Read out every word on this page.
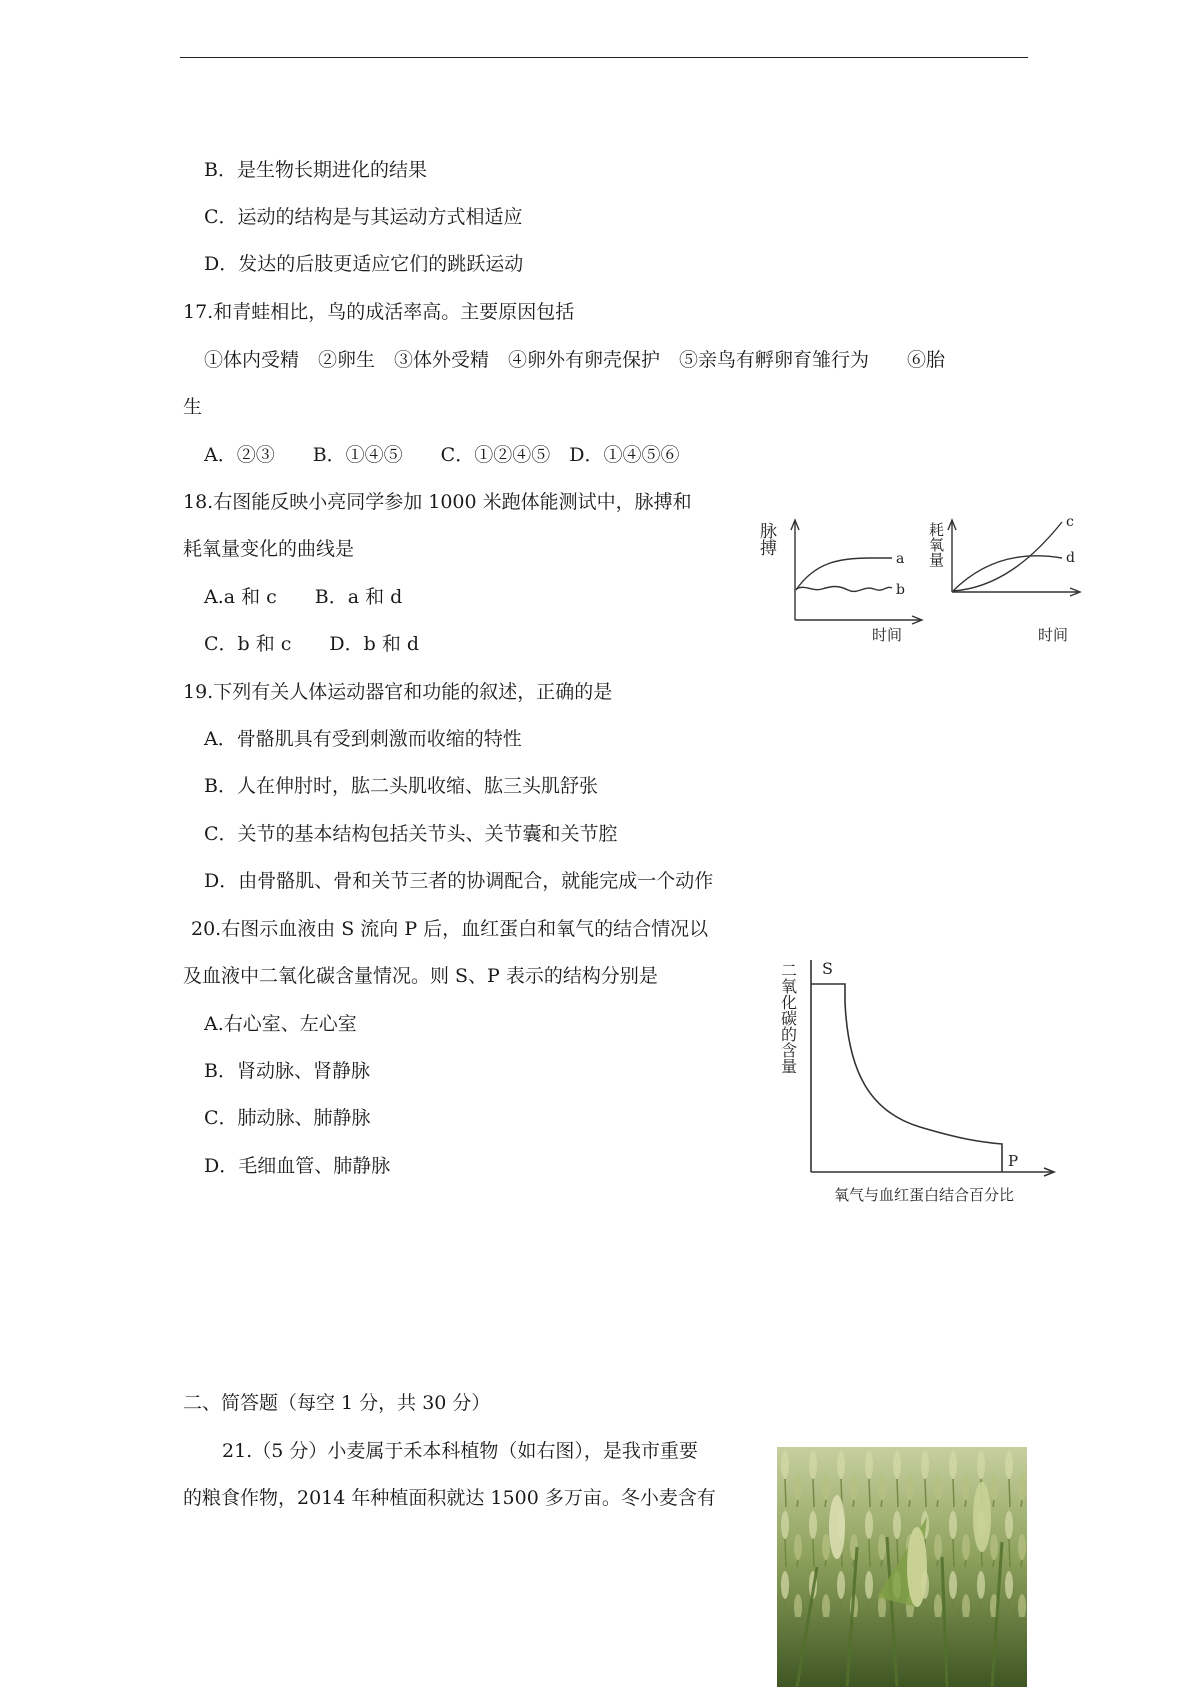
B．是生物长期进化的结果
C．运动的结构是与其运动方式相适应
D．发达的后肢更适应它们的跳跃运动
17.和青蛙相比，鸟的成活率高。主要原因包括
①体内受精　②卵生　③体外受精　④卵外有卵壳保护　⑤亲鸟有孵卵育雏行为　　⑥胎
生
A．②③　　B．①④⑤　　C．①②④⑤　D．①④⑤⑥
18.右图能反映小亮同学参加 1000 米跑体能测试中，脉搏和
耗氧量变化的曲线是
A.a 和 c　　B．a 和 d
C．b 和 c　　D．b 和 d
19.下列有关人体运动器官和功能的叙述，正确的是
A．骨骼肌具有受到刺激而收缩的特性
B．人在伸肘时，肱二头肌收缩、肱三头肌舒张
C．关节的基本结构包括关节头、关节囊和关节腔
D．由骨骼肌、骨和关节三者的协调配合，就能完成一个动作
20.右图示血液由 S 流向 P 后，血红蛋白和氧气的结合情况以
及血液中二氧化碳含量情况。则 S、P 表示的结构分别是
A.右心室、左心室
B．肾动脉、肾静脉
C．肺动脉、肺静脉
D．毛细血管、肺静脉
二、简答题（每空 1 分，共 30 分）
21.（5 分）小麦属于禾本科植物（如右图），是我市重要
的粮食作物，2014 年种植面积就达 1500 多万亩。冬小麦含有
a
b
c
d
脉搏
时间
耗氧量
时间
S
P
二氧化碳的含量
氧气与血红蛋白结合百分比
